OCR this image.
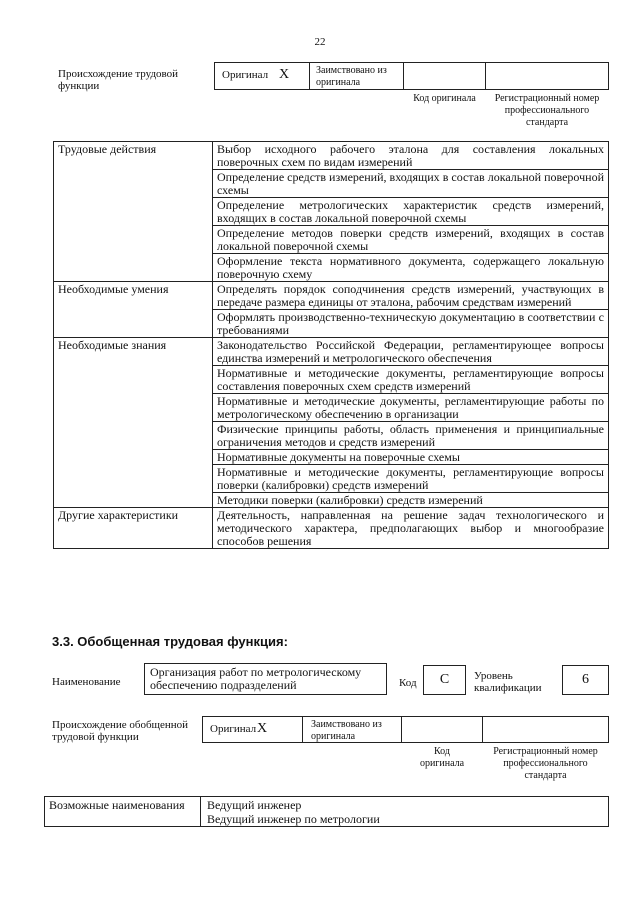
22
Происхождение трудовой функции
Оригинал X	Заимствовано из оригинала
Код оригинала	Регистрационный номер профессионального стандарта
Трудовые действия	Выбор исходного рабочего эталона для составления локальных поверочных схем по видам измерений
	Определение средств измерений, входящих в состав локальной поверочной схемы
	Определение метрологических характеристик средств измерений, входящих в состав локальной поверочной схемы
	Определение методов поверки средств измерений, входящих в состав локальной поверочной схемы
	Оформление текста нормативного документа, содержащего локальную поверочную схему
Необходимые умения	Определять порядок соподчинения средств измерений, участвующих в передаче размера единицы от эталона, рабочим средствам измерений
	Оформлять производственно-техническую документацию в соответствии с требованиями
Необходимые знания	Законодательство Российской Федерации, регламентирующее вопросы единства измерений и метрологического обеспечения
	Нормативные и методические документы, регламентирующие вопросы составления поверочных схем средств измерений
	Нормативные и методические документы, регламентирующие работы по метрологическому обеспечению в организации
	Физические принципы работы, область применения и принципиальные ограничения методов и средств измерений
	Нормативные документы на поверочные схемы
	Нормативные и методические документы, регламентирующие вопросы поверки (калибровки) средств измерений
	Методики поверки (калибровки) средств измерений
Другие характеристики	Деятельность, направленная на решение задач технологического и методического характера, предполагающих выбор и многообразие способов решения
3.3. Обобщенная трудовая функция:
Наименование
Организация работ по метрологическому обеспечению подразделений	Код	C	Уровень квалификации
6
Происхождение обобщенной трудовой функции
Оригинал X	Заимствовано из оригинала
Код оригинала
Регистрационный номер профессионального стандарта
Возможные наименования	Ведущий инженер
Ведущий инженер по метрологии
